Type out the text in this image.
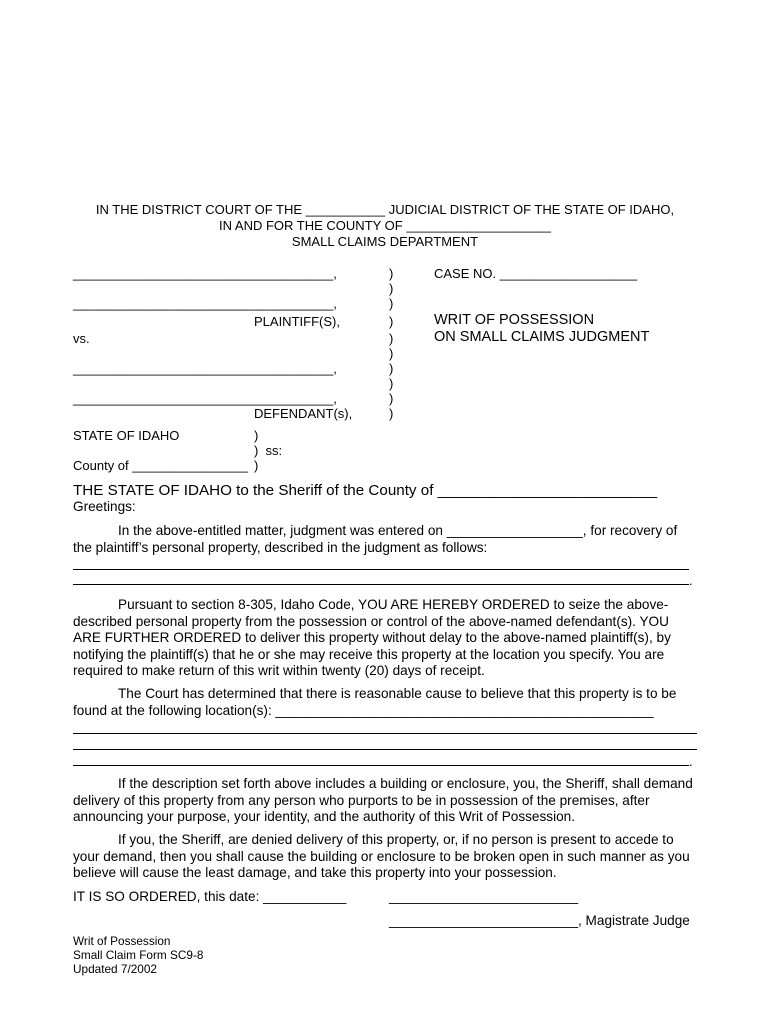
IN THE DISTRICT COURT OF THE ___________ JUDICIAL DISTRICT OF THE STATE OF IDAHO,
IN AND FOR THE COUNTY OF ____________________
SMALL CLAIMS DEPARTMENT
____________________________________,
____________________________________,
PLAINTIFF(S),
vs.
____________________________________,
____________________________________,
DEFENDANT(s),
)
)
)
)
)
)
)
)
)
)
CASE NO. ___________________
WRIT OF POSSESSION
ON SMALL CLAIMS JUDGMENT
STATE OF IDAHO	)
)  ss:
County of ________________ )
THE STATE OF IDAHO to the Sheriff of the County of __________________________
Greetings:

In the above-entitled matter, judgment was entered on __________________, for recovery of the plaintiff’s personal property, described in the judgment as follows:

.

Pursuant to section 8-305, Idaho Code, YOU ARE HEREBY ORDERED to seize the above-described personal property from the possession or control of the above-named defendant(s). YOU ARE FURTHER ORDERED to deliver this property without delay to the above-named plaintiff(s), by notifying the plaintiff(s) that he or she may receive this property at the location you specify. You are required to make return of this writ within twenty (20) days of receipt.

The Court has determined that there is reasonable cause to believe that this property is to be found at the following location(s): __________________________________________________

.

If the description set forth above includes a building or enclosure, you, the Sheriff, shall demand delivery of this property from any person who purports to be in possession of the premises, after announcing your purpose, your identity, and the authority of this Writ of Possession.

If you, the Sheriff, are denied delivery of this property, or, if no person is present to accede to your demand, then you shall cause the building or enclosure to be broken open in such manner as you believe will cause the least damage, and take this property into your possession.

IT IS SO ORDERED, this date: ___________	_________________________
_________________________, Magistrate Judge
Writ of Possession
Small Claim Form SC9-8
Updated 7/2002
